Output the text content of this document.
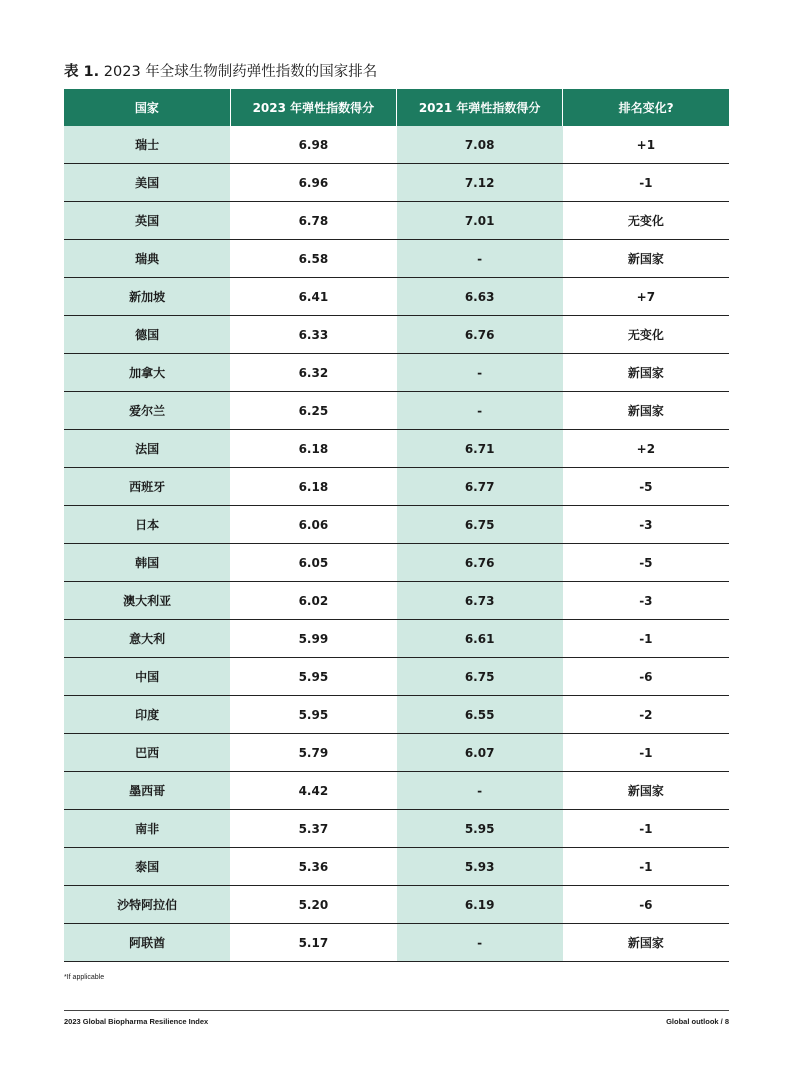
表 1. 2023 年全球生物制药弹性指数的国家排名
国家	2023 年弹性指数得分	2021 年弹性指数得分	排名变化?
瑞士	6.98	7.08	+1
美国	6.96	7.12	-1
英国	6.78	7.01	无变化
瑞典	6.58	-	新国家
新加坡	6.41	6.63	+7
德国	6.33	6.76	无变化
加拿大	6.32	-	新国家
爱尔兰	6.25	-	新国家
法国	6.18	6.71	+2
西班牙	6.18	6.77	-5
日本	6.06	6.75	-3
韩国	6.05	6.76	-5
澳大利亚	6.02	6.73	-3
意大利	5.99	6.61	-1
中国	5.95	6.75	-6
印度	5.95	6.55	-2
巴西	5.79	6.07	-1
墨西哥	4.42	-	新国家
南非	5.37	5.95	-1
泰国	5.36	5.93	-1
沙特阿拉伯	5.20	6.19	-6
阿联酋	5.17	-	新国家
*If applicable
2023 Global Biopharma Resilience Index	Global outlook / 8
